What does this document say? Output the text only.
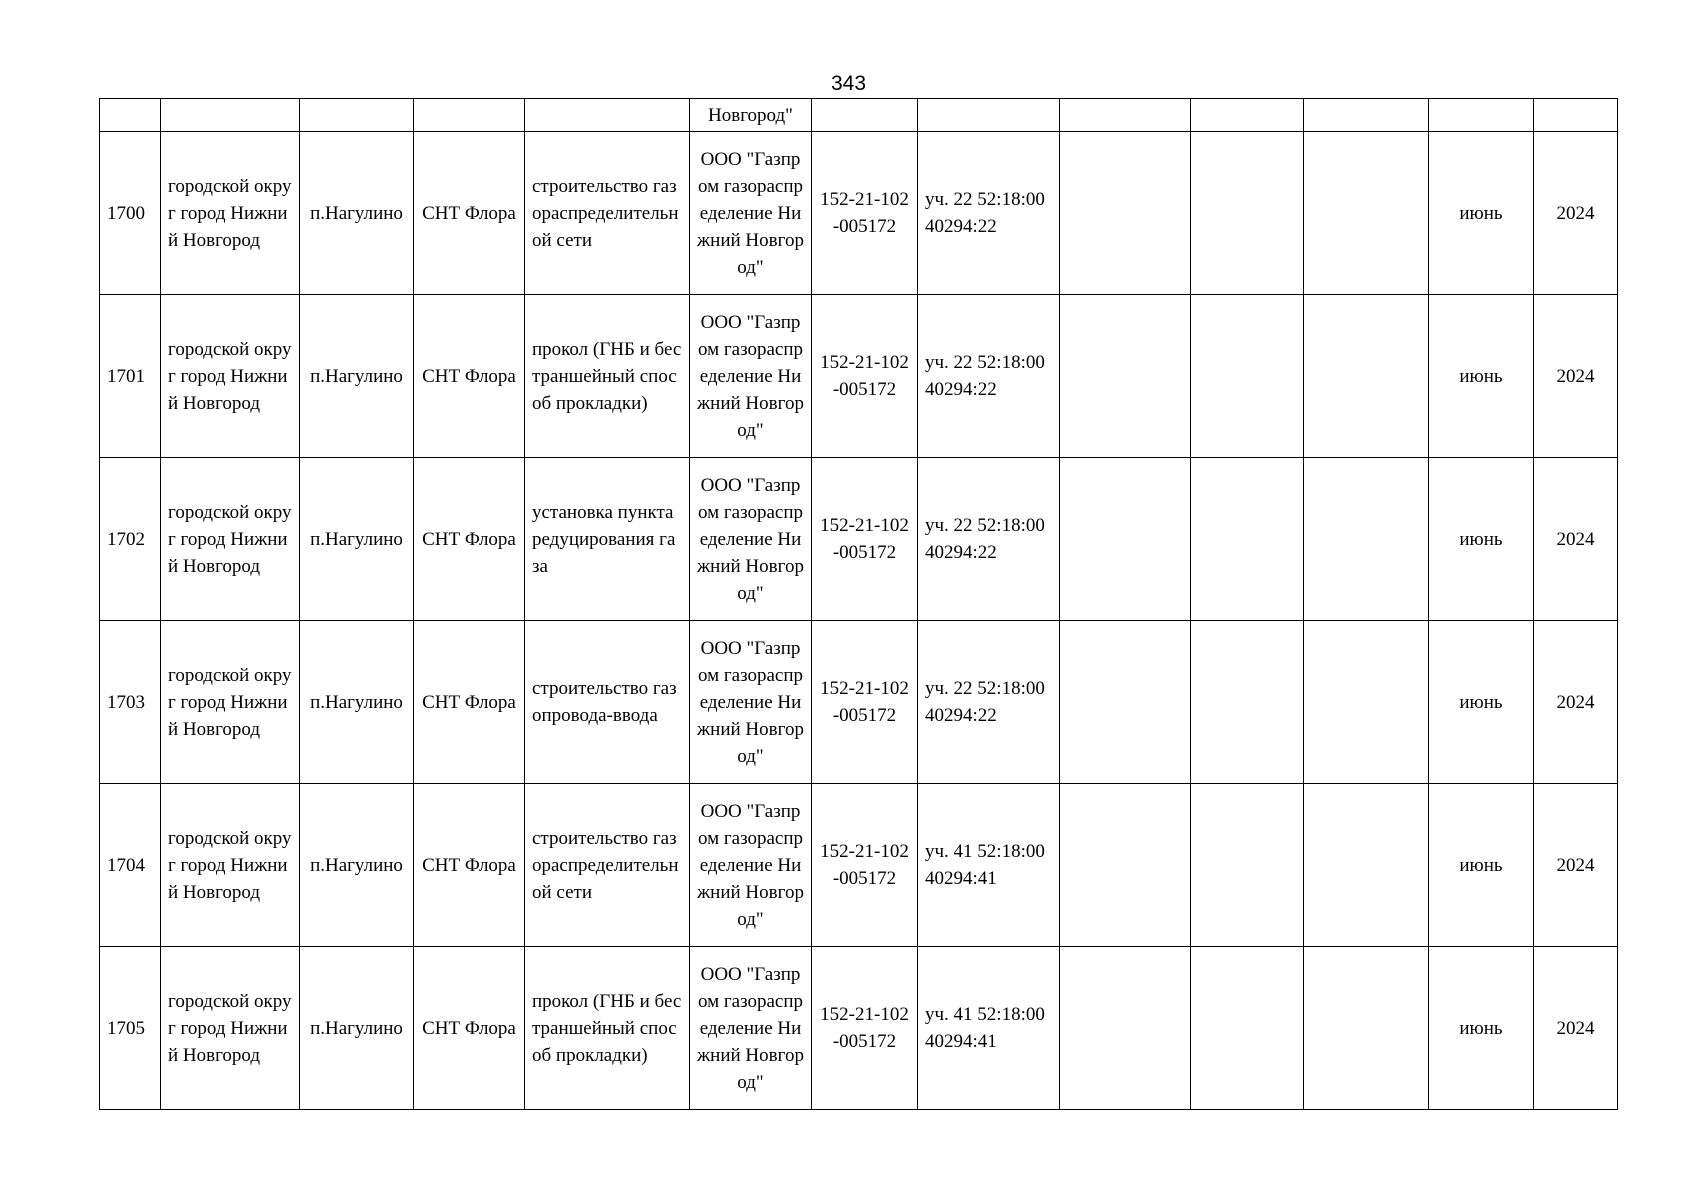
343
					Новгород"							
1700	городской округ город Нижний Новгород	п.Нагулино	СНТ Флора	строительство газораспределительной сети	ООО "Газпром газораспределение Нижний Новгород"	152-21-102-005172	уч. 22 52:18:0040294:22				июнь	2024
1701	городской округ город Нижний Новгород	п.Нагулино	СНТ Флора	прокол (ГНБ и бестраншейный способ прокладки)	ООО "Газпром газораспределение Нижний Новгород"	152-21-102-005172	уч. 22 52:18:0040294:22				июнь	2024
1702	городской округ город Нижний Новгород	п.Нагулино	СНТ Флора	установка пункта редуцирования газа	ООО "Газпром газораспределение Нижний Новгород"	152-21-102-005172	уч. 22 52:18:0040294:22				июнь	2024
1703	городской округ город Нижний Новгород	п.Нагулино	СНТ Флора	строительство газопровода-ввода	ООО "Газпром газораспределение Нижний Новгород"	152-21-102-005172	уч. 22 52:18:0040294:22				июнь	2024
1704	городской округ город Нижний Новгород	п.Нагулино	СНТ Флора	строительство газораспределительной сети	ООО "Газпром газораспределение Нижний Новгород"	152-21-102-005172	уч. 41 52:18:0040294:41				июнь	2024
1705	городской округ город Нижний Новгород	п.Нагулино	СНТ Флора	прокол (ГНБ и бестраншейный способ прокладки)	ООО "Газпром газораспределение Нижний Новгород"	152-21-102-005172	уч. 41 52:18:0040294:41				июнь	2024
